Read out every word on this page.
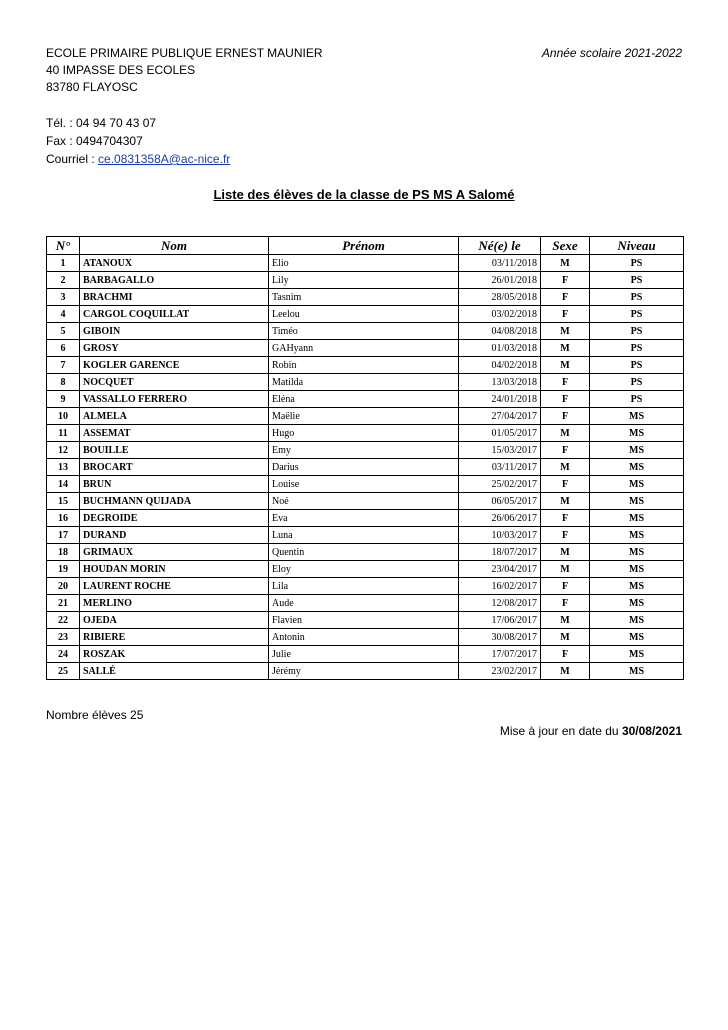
ECOLE PRIMAIRE PUBLIQUE ERNEST MAUNIER
40 IMPASSE DES ECOLES
83780 FLAYOSC
Année scolaire 2021-2022
Tél. : 04 94 70 43 07
Fax : 0494704307
Courriel : ce.0831358A@ac-nice.fr
Liste des élèves de la classe de PS MS A Salomé
N°	Nom	Prénom	Né(e) le	Sexe	Niveau
1	ATANOUX	Elio	03/11/2018	M	PS
2	BARBAGALLO	Lily	26/01/2018	F	PS
3	BRACHMI	Tasnim	28/05/2018	F	PS
4	CARGOL COQUILLAT	Leelou	03/02/2018	F	PS
5	GIBOIN	Timéo	04/08/2018	M	PS
6	GROSY	GAHyann	01/03/2018	M	PS
7	KOGLER GARENCE	Robin	04/02/2018	M	PS
8	NOCQUET	Matilda	13/03/2018	F	PS
9	VASSALLO FERRERO	Eléna	24/01/2018	F	PS
10	ALMELA	Maëlie	27/04/2017	F	MS
11	ASSEMAT	Hugo	01/05/2017	M	MS
12	BOUILLE	Emy	15/03/2017	F	MS
13	BROCART	Darius	03/11/2017	M	MS
14	BRUN	Louise	25/02/2017	F	MS
15	BUCHMANN QUIJADA	Noé	06/05/2017	M	MS
16	DEGROIDE	Eva	26/06/2017	F	MS
17	DURAND	Luna	10/03/2017	F	MS
18	GRIMAUX	Quentin	18/07/2017	M	MS
19	HOUDAN MORIN	Eloy	23/04/2017	M	MS
20	LAURENT ROCHE	Lila	16/02/2017	F	MS
21	MERLINO	Aude	12/08/2017	F	MS
22	OJEDA	Flavien	17/06/2017	M	MS
23	RIBIERE	Antonin	30/08/2017	M	MS
24	ROSZAK	Julie	17/07/2017	F	MS
25	SALLÉ	Jérémy	23/02/2017	M	MS
Nombre élèves 25
Mise à jour en date du 30/08/2021
